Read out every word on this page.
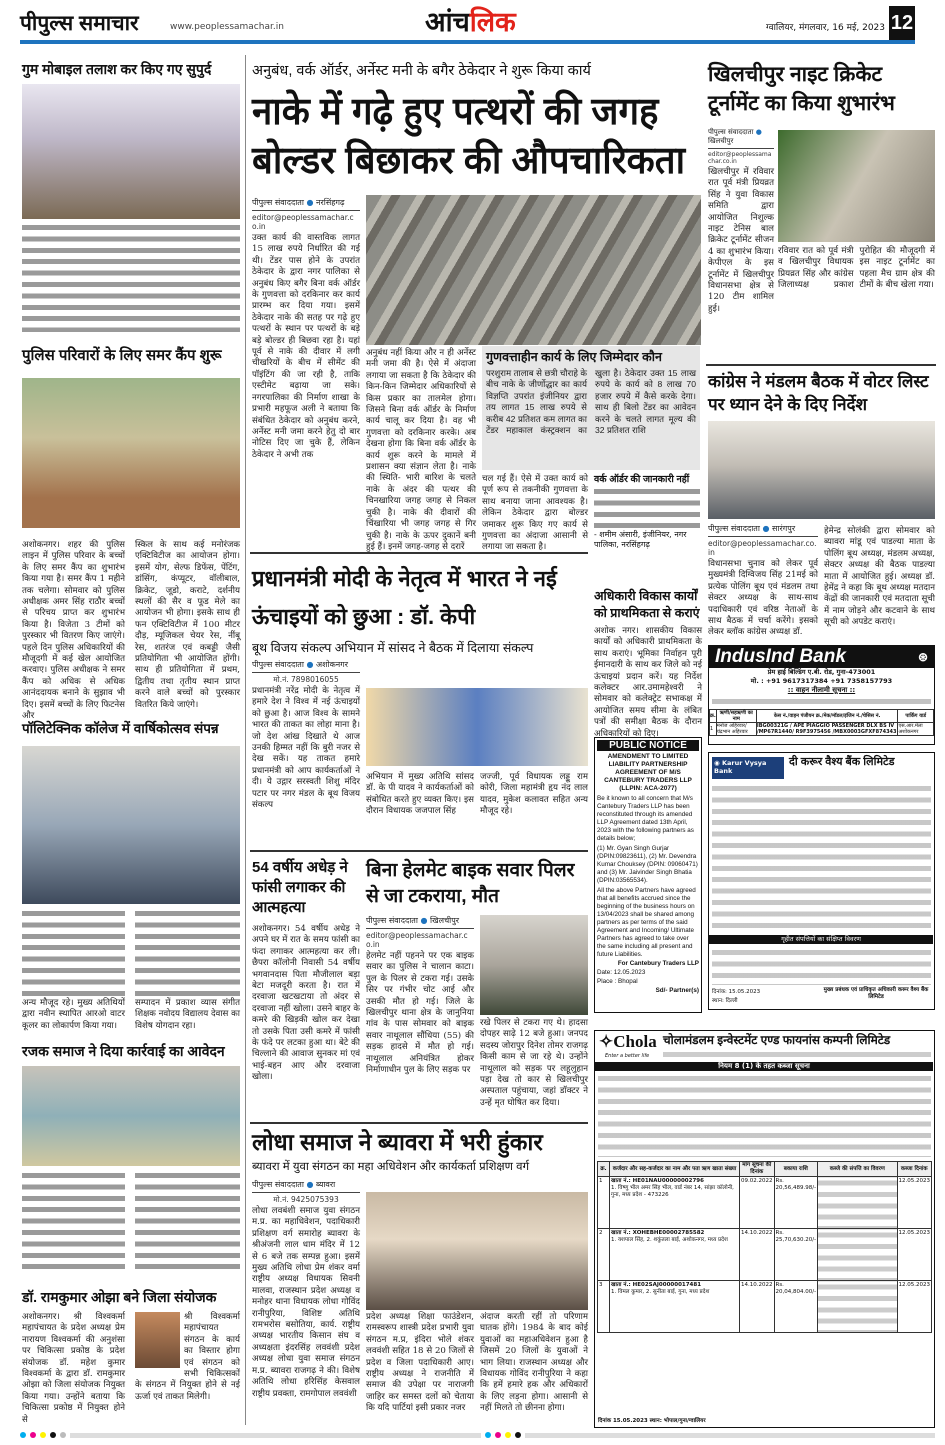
पीपुल्स समाचार	www.peoplessamachar.in	आंचलिक	ग्वालियर, मंगलवार, 16 मई, 2023 12
गुम मोबाइल तलाश कर किए गए सुपुर्द
पुलिस परिवारों के लिए समर कैंप शुरू
अशोकनगर। शहर की पुलिस लाइन में पुलिस परिवार के बच्चों के लिए समर कैंप का शुभारंभ किया गया है। समर कैंप 1 महीने तक चलेगा। सोमवार को पुलिस अधीक्षक अमर सिंह राठौर बच्चों से परिचय प्राप्त कर शुभारंभ किया है। विजेता 3 टीमों को पुरस्कार भी वितरण किए जाएंगे। पहले दिन पुलिस अधिकारियों की मौजूदगी में कई खेल आयोजित करवाए। पुलिस अधीक्षक ने समर कैंप को अधिक से अधिक आनंददायक बनाने के सुझाव भी दिए। इसमें बच्चों के लिए फिटनेस और
स्किल के साथ कई मनोरंजक एक्टिविटीज का आयोजन होगा। इसमें योग, सेल्फ डिफेंस, पेंटिंग, डांसिंग, कंप्यूटर, वॉलीबाल, क्रिकेट, जूडो, कराटे, दर्शनीय स्थलों की सैर व फूड मेले का आयोजन भी होगा। इसके साथ ही फन एक्टिविटीज में 100 मीटर दौड़, म्यूजिकल चेयर रेस, नींबू रेस, शतरंज एवं कबड्डी जैसी प्रतियोगिता भी आयोजित होंगी। साथ ही प्रतियोगिता में प्रथम, द्वितीय तथा तृतीय स्थान प्राप्त करने वाले बच्चों को पुरस्कार वितरित किये जाएंगे।
पॉलिटेक्निक कॉलेज में वार्षिकोत्सव संपन्न
अन्य मौजूद रहे। मुख्य अतिथियों द्वारा नवीन स्थापित आरओ वाटर कूलर का लोकार्पण किया गया।
सम्पादन में प्रकाश व्यास संगीत शिक्षक नवोदय विद्यालय देवास का विशेष योगदान रहा।
रजक समाज ने दिया कार्रवाई का आवेदन
डॉ. रामकुमार ओझा बने जिला संयोजक
अशोकनगर। श्री विश्वकर्मा महापंचायत के प्रदेश अध्यक्ष प्रेम नारायण विश्वकर्मा की अनुशंसा पर चिकित्सा प्रकोष्ठ के प्रदेश संयोजक डॉ. महेश कुमार विश्वकर्मा के द्वारा डॉ. रामकुमार ओझा को जिला संयोजक नियुक्त किया गया। उन्होंने बताया कि चिकित्सा प्रकोष्ठ में नियुक्त होने से
श्री विश्वकर्मा महापंचायत संगठन के कार्य का विस्तार होगा एवं संगठन को सभी चिकित्सकों के संगठन में नियुक्त होने से नई ऊर्जा एवं ताकत मिलेगी।
अनुबंध, वर्क ऑर्डर, अर्नेस्ट मनी के बगैर ठेकेदार ने शुरू किया कार्य
नाके में गढ़े हुए पत्थरों की जगह बोल्डर बिछाकर की औपचारिकता
पीपुल्स संवाददाता ● नरसिंहगढ़
editor@peoplessamachar.co.in
उक्त कार्य की वास्तविक लागत 15 लाख रुपये निर्धारित की गई थी। टेंडर पास होने के उपरांत ठेकेदार के द्वारा नगर पालिका से अनुबंध किए बगैर बिना वर्क ऑर्डर के गुणवत्ता को दरकिनार कर कार्य प्रारम्भ कर दिया गया। इसमें ठेकेदार नाके की सतह पर गढ़े हुए पत्थरों के स्थान पर पत्थरों के बड़े बड़े बोल्डर ही बिछवा रहा है। यहां पूर्व से नाके की दीवार में लगी चीखरियों के बीच में सीमेंट की पॉइंटिंग की जा रही है, ताकि एस्टीमेट बढ़ाया जा सके। नगरपालिका की निर्माण शाखा के प्रभारी महफूज अली ने बताया कि संबंधित ठेकेदार को अनुबंध करने, अर्नेस्ट मनी जमा करने हेतु दो बार नोटिस दिए जा चुके हैं, लेकिन ठेकेदार ने अभी तक
अनुबंध नहीं किया और न ही अर्नेस्ट मनी जमा की है। ऐसे में अंदाजा लगाया जा सकता है कि ठेकेदार की किन-किन जिम्मेदार अधिकारियों से किस प्रकार का तालमेल होगा। जिसने बिना वर्क ऑर्डर के निर्माण कार्य चालू कर दिया है। वह भी गुणवत्ता को दरकिनार करके। अब देखना होगा कि बिना वर्क ऑर्डर के कार्य शुरू करने के मामले में प्रशासन क्या संज्ञान लेता है। नाके की स्थिति- भारी बारिश के चलते नाके के अंदर की पत्थर की चिनखारिया जगह जगह से निकल चुकी है। नाके की दीवारों की चिंखारिया भी जगह जगह से गिर चुकी है। नाके के ऊपर दुकानें बनी हुई हैं। इनमें जगह-जगह से दरारें
गुणवत्ताहीन कार्य के लिए जिम्मेदार कौन
परशुराम तालाब से छत्री चौराहे के बीच नाके के जीर्णोद्धार का कार्य विज्ञप्ति उपरांत इंजीनियर द्वारा तय लागत 15 लाख रुपये से करीब 42 प्रतिशत कम लागत का टेंडर महाकाल कंस्ट्रक्शन का खुला है। ठेकेदार उक्त 15 लाख रुपये के कार्य को 8 लाख 70 हजार रुपये में कैसे करके देगा। साथ ही बिलो टेंडर का आवेदन करने के चलते लागत मूल्य की 32 प्रतिशत राशि
चल गई हैं। ऐसे में उक्त कार्य को पूर्ण रूप से तकनीकी गुणवत्ता के साथ बनाया जाना आवश्यक है। लेकिन ठेकेदार द्वारा बोल्डर जमाकर शुरू किए गए कार्य से गुणवत्ता का अंदाजा आसानी से लगाया जा सकता है।
वर्क ऑर्डर की जानकारी नहीं
- शमीम अंसारी, इंजीनियर, नगर पालिका, नरसिंहगढ़
खिलचीपुर नाइट क्रिकेट टूर्नामेंट का किया शुभारंभ
पीपुल्स संवाददाता ● खिलचीपुर
editor@peoplessamachar.co.in
खिलचीपुर में रविवार रात पूर्व मंत्री प्रियव्रत सिंह ने युवा विकास समिति द्वारा आयोजित निशुल्क नाइट टेनिस बाल क्रिकेट टूर्नामेंट सीजन 4 का शुभारंभ किया। केपीएल के इस टूर्नामेंट में खिलचीपुर विधानसभा क्षेत्र से 120 टीम शामिल हुई।
रविवार रात को पूर्व मंत्री व खिलचीपुर विधायक प्रियव्रत सिंह और कांग्रेस जिलाध्यक्ष प्रकाश पुरोहित की मौजूदगी में इस नाइट टूर्नामेंट का पहला मैच ग्राम क्षेत्र की टीमों के बीच खेला गया।
कांग्रेस ने मंडलम बैठक में वोटर लिस्ट पर ध्यान देने के दिए निर्देश
पीपुल्स संवाददाता ● सारंगपुर
editor@peoplessamachar.co.in
विधानसभा चुनाव को लेकर पूर्व मुख्यमंत्री दिग्विजय सिंह 21मई को प्रत्येक पोलिंग बूथ एवं मंडलम तथा सेक्टर अध्यक्ष के साथ-साथ पदाधिकारी एवं वरिष्ठ नेताओं के साथ बैठक में चर्चा करेंगे। इसको लेकर ब्लॉक कांग्रेस अध्यक्ष डॉ.
हेमेन्द्र सोलंकी द्वारा सोमवार को ब्यावरा मांडू एवं पाडल्या माता के पोलिंग बूथ अध्यक्ष, मंडलम अध्यक्ष, सेक्टर अध्यक्ष की बैठक पाडल्या माता में आयोजित हुई। अध्यक्ष डॉ. हेमेंद्र ने कहा कि बूथ अध्यक्ष मतदान केंद्रों की जानकारी एवं मतदाता सूची में नाम जोड़ने और कटवाने के साथ सूची को अपडेट कराएं।
प्रधानमंत्री मोदी के नेतृत्व में भारत ने नई ऊंचाइयों को छुआ : डॉ. केपी
बूथ विजय संकल्प अभियान में सांसद ने बैठक में दिलाया संकल्प
पीपुल्स संवाददाता ● अशोकनगर
मो.नं. 7898016055
प्रधानमंत्री नरेंद्र मोदी के नेतृत्व में हमारे देश ने विश्व में नई ऊंचाइयों को छुआ है। आज विश्व के सामने भारत की ताकत का लोहा माना है। जो देश आंख दिखाते थे आज उनकी हिम्मत नहीं कि बुरी नजर से देख सकें। यह ताकत हमारे प्रधानमंत्री को आप कार्यकर्ताओं ने दी। ये उद्गार सरस्वती शिशु मंदिर पटार पर नगर मंडल के बूथ विजय संकल्प
अभियान में मुख्य अतिथि सांसद डॉ. के पी यादव ने कार्यकर्ताओं को संबोधित करते हुए व्यक्त किए। इस दौरान विधायक जजपाल सिंह
जज्जी, पूर्व विधायक लड्डू राम कोरी, जिला महामंत्री हृय नंद लाल यादव, मुकेश कलावत सहित अन्य मौजूद रहे।
अधिकारी विकास कार्यों को प्राथमिकता से कराएं
अशोक नगर। शासकीय विकास कार्यों को अधिकारी प्राथमिकता के साथ कराएं। भूमिका निर्वाहन पूरी ईमानदारी के साथ कर जिले को नई ऊंचाइयां प्रदान करें। यह निर्देश कलेक्टर आर.उमामहेश्वरी ने सोमवार को कलेक्ट्रेट सभाकक्ष में आयोजित समय सीमा के लंबित पत्रों की समीक्षा बैठक के दौरान अधिकारियों को दिए।
PUBLIC NOTICE
AMENDMENT TO LIMITED LIABILITY PARTNERSHIP AGREEMENT OF M/S CANTEBURY TRADERS LLP (LLPIN: ACA-2077)
Be it known to all concern that M/s Cantebury Traders LLP has been reconstituted through its amended LLP Agreement dated 13th April, 2023 with the following partners as details below;
(1) Mr. Gyan Singh Gurjar (DPIN:09823611), (2) Mr. Devendra Kumar Chouksey (DPIN: 09060471) and (3) Mr. Jaivinder Singh Bhatia (DPIN:03565534).
All the above Partners have agreed that all benefits accrued since the beginning of the business hours on 13/04/2023 shall be shared among partners as per terms of the said Agreement and Incoming/ Ultimate Partners has agreed to take over the same including all present and future Liabilities.
For Cantebury Traders LLP
Date: 12.05.2023
Place : Bhopal
Sd/- Partner(s)
IndusInd Bank	⊛
प्रेम हाई बिल्डिंग ए.बी. रोड, गुना-473001
मो. : +91 9617317384 +91 7358157793
:: वाहन नीलामी सूचना ::
क्र.	ऋणी/सहऋणी का नाम	केस नं./वाहन पंजीयन क्र./मेक/मॉडल/इंजिन नं./चेसिस नं.	पार्किंग यार्ड
1	मनोज अहिरवार/ चंद्रभान अहिरवार	IBG00321G / APE PIAGGIO PASSENGER DLX BS IV /MP67R1440/ R9F3975456 /MBX0003GFXF874343	एस.आर.मेला अशोकनगर
◉ Karur Vysya Bank
दी करूर वैश्य बैंक लिमिटेड
गृहीत संपत्तियों का संक्षिप्त विवरण
दिनांक: 15.05.2023
स्थान: दिल्ली
मुख्य प्रबंधक एवं प्राधिकृत अधिकारी करूर वैश्य बैंक लिमिटेड
✧Chola
Enter a better life
चोलामंडलम इन्वेस्टमेंट एण्ड फायनांस कम्पनी लिमिटेड
नियम 8 (1) के तहत कब्जा सूचना
क्र.	कर्जदार और सह-कर्जदार का नाम और पता ऋण खाता संख्या	मांग सूचना की दिनांक	बकाया राशि	कब्जे की संपत्ति का विवरण	कब्जा दिनांक

1	खाता नं.: HE01NAU00000002796
1. विष्णु भील अमर सिंह भील, वार्ड नंबर 14, सांझा कॉलोनी, गुना, मध्य प्रदेश - 473226	09.02.2022	Rs. 20,56,489.98/-		12.05.2023

2	खाता नं.: XOHEBHE00002785582
1. यशपाल सिंह, 2. शकुंतला बाई, अशोकनगर, मध्य प्रदेश	14.10.2022	Rs. 25,70,630.20/-		12.05.2023

3	खाता नं.: HE02SAJ00000017481
1. विमल कुमार, 2. सुनीता बाई, गुना, मध्य प्रदेश	14.10.2022	Rs. 20,04,804.00/-		12.05.2023
दिनांक 15.05.2023 स्थान: भोपाल/गुना/ग्वालियर
54 वर्षीय अधेड़ ने फांसी लगाकर की आत्महत्या
अशोकनगर। 54 वर्षीय अधेड़ ने अपने घर में रात के समय फांसी का फंदा लगाकर आत्महत्या कर ली। छैपरा कॉलोनी निवासी 54 वर्षीय भगवानदास पिता मौजीलाल बड़ा बेटा मजदूरी करता है। रात में दरवाजा खटखटाया तो अंदर से दरवाजा नहीं खोला। उसने बाहर के कमरे की खिड़की खोल कर देखा तो उसके पिता उसी कमरे में फांसी के फंदे पर लटका हुआ था। बेटे की चिल्लाने की आवाज सुनकर मां एवं भाई-बहन आए और दरवाजा खोला।
बिना हेलमेट बाइक सवार पिलर से जा टकराया, मौत
पीपुल्स संवाददाता ● खिलचीपुर
editor@peoplessamachar.co.in
हेलमेट नहीं पहनने पर एक बाइक सवार का पुलिस ने चालान काटा। पुल के पिलर से टकरा गई। उसके सिर पर गंभीर चोट आई और उसकी मौत हो गई। जिले के खिलचीपुर थाना क्षेत्र के जानुनिया गांव के पास सोमवार को बाइक सवार नाथूलाल सौंधिया (55) की सड़क हादसे में मौत हो गई। नाथूलाल अनियंत्रित होकर निर्माणाधीन पुल के लिए सड़क पर
रखे पिलर से टकरा गए थे। हादसा दोपहर साढ़े 12 बजे हुआ। जनपद सदस्य जोरापुर दिनेश तोमर राजगढ़ किसी काम से जा रहे थे। उन्होंने नाथूलाल को सड़क पर लहूलुहान पड़ा देख तो कार से खिलचीपुर अस्पताल पहुंचाया, जहां डॉक्टर ने उन्हें मृत घोषित कर दिया।
लोधा समाज ने ब्यावरा में भरी हुंकार
ब्यावरा में युवा संगठन का महा अधिवेशन और कार्यकर्ता प्रशिक्षण वर्ग
पीपुल्स संवाददाता ● ब्यावरा
मो.नं. 9425075393
लोधा लवबंशी समाज युवा संगठन म.प्र. का महाधिवेशन, पदाधिकारी प्रशिक्षण वर्ग समारोह ब्यावरा के श्रीअंजनी लाल धाम मंदिर में 12 से 6 बजे तक सम्पन्न हुआ। इसमें मुख्य अतिथि लोधा प्रेम शंकर वर्मा राष्ट्रीय अध्यक्ष विधायक सिवनी मालवा, राजस्थान प्रदेश अध्यक्ष व मनोहर थाना विधायक लोधा गोविंद रानीपुरिया, विशिष्ट अतिथि रामभरोस बसोतिया, कार्य. राष्ट्रीय अध्यक्ष भारतीय किसान संघ व अध्यक्षता इंदरसिंह लववंशी प्रदेश अध्यक्ष लोधा युवा समाज संगठन म.प्र. ब्यावरा राजगढ़ ने की। विशेष अतिथि लोधा हरिसिंह केसवाल राष्ट्रीय प्रवक्ता, रामगोपाल लववंशी
प्रदेश अध्यक्ष शिक्षा फाउंडेशन, रामस्वरूप शास्त्री प्रदेश प्रभारी युवा संगठन म.प्र, इंदिरा भोले शंकर लववंशी सहित 18 से 20 जिलों से प्रदेश व जिला पदाधिकारी आए। राष्ट्रीय अध्यक्ष ने राजनीति में समाज की उपेक्षा पर नाराजगी जाहिर कर समस्त दलों को चेताया कि यदि पार्टियां इसी प्रकार नजर
अंदाज करती रहीं तो परिणाम घातक होंगे। 1984 के बाद कोई युवाओं का महाअधिवेशन हुआ है जिसमें 20 जिलों के युवाओं ने भाग लिया। राजस्थान अध्यक्ष और विधायक गोविंद रानीपुरिया ने कहा कि हमें हमारे हक और अधिकारों के लिए लड़ना होगा। आसानी से नहीं मिलते तो छीनना होगा।
